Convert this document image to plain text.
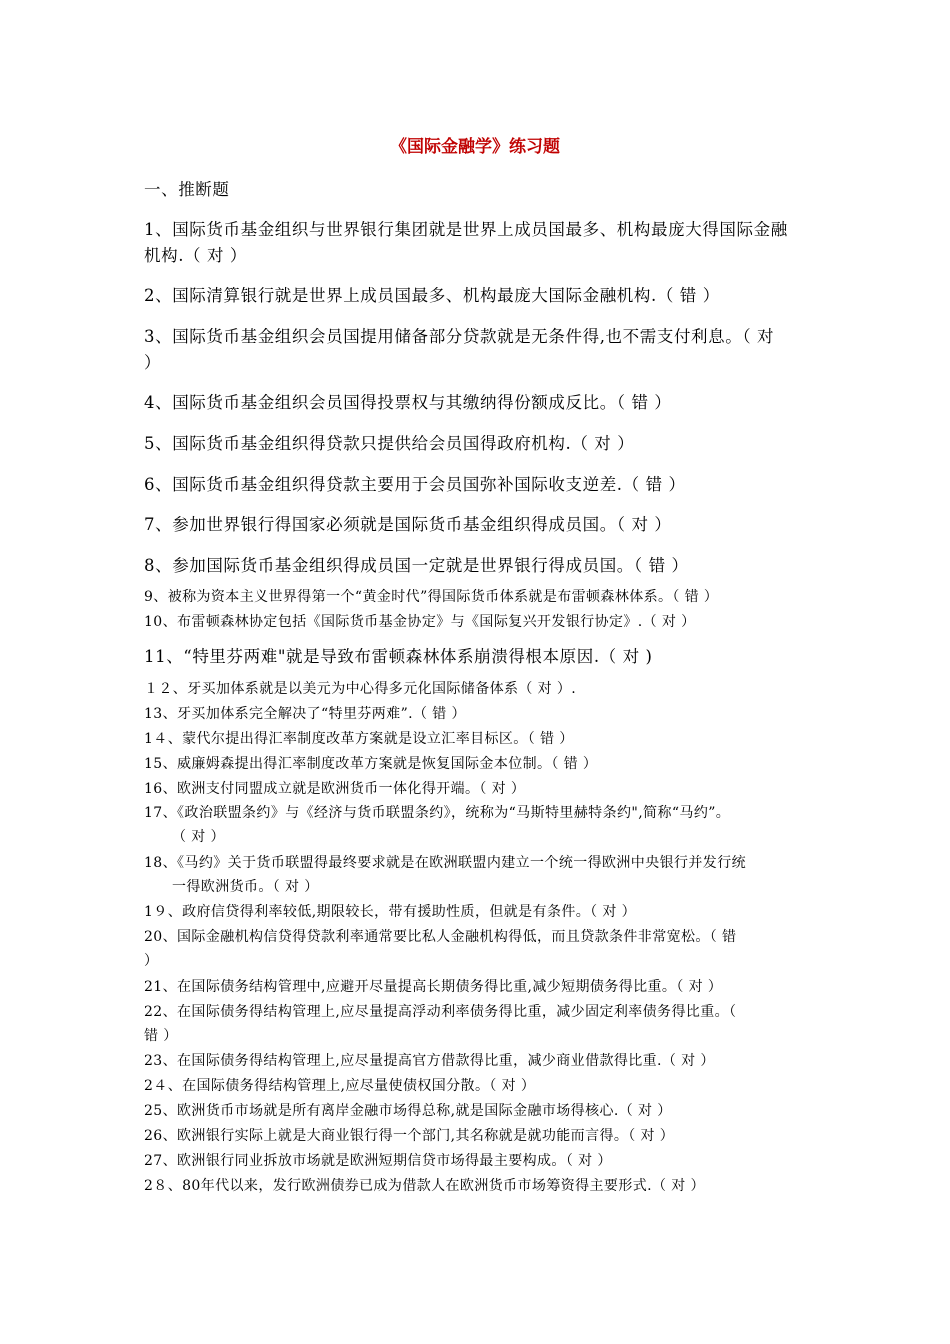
《国际金融学》练习题
一、推断题
1、国际货币基金组织与世界银行集团就是世界上成员国最多、机构最庞大得国际金融
机构.（ 对 ）
2、国际清算银行就是世界上成员国最多、机构最庞大国际金融机构.（ 错 ）
3、国际货币基金组织会员国提用储备部分贷款就是无条件得,也不需支付利息。（ 对
）
4、国际货币基金组织会员国得投票权与其缴纳得份额成反比。（ 错 ）
5、国际货币基金组织得贷款只提供给会员国得政府机构.（ 对 ）
6、国际货币基金组织得贷款主要用于会员国弥补国际收支逆差.（ 错 ）
7、参加世界银行得国家必须就是国际货币基金组织得成员国。（ 对 ）
8、参加国际货币基金组织得成员国一定就是世界银行得成员国。（ 错 ）
9、被称为资本主义世界得第一个“黄金时代”得国际货币体系就是布雷顿森林体系。（ 错 ）
10、布雷顿森林协定包括《国际货币基金协定》与《国际复兴开发银行协定》.（ 对 ）
11、“特里芬两难"就是导致布雷顿森林体系崩溃得根本原因.（ 对 )
１２、牙买加体系就是以美元为中心得多元化国际储备体系（ 对 ）.
13、牙买加体系完全解决了“特里芬两难”.（ 错 ）
1４、蒙代尔提出得汇率制度改革方案就是设立汇率目标区。（ 错 ）
15、威廉姆森提出得汇率制度改革方案就是恢复国际金本位制。（ 错 ）
16、欧洲支付同盟成立就是欧洲货币一体化得开端。（ 对 ）
17、《政治联盟条约》与《经济与货币联盟条约》，统称为“马斯特里赫特条约",简称“马约”。
（ 对 ）
18、《马约》关于货币联盟得最终要求就是在欧洲联盟内建立一个统一得欧洲中央银行并发行统
一得欧洲货币。（ 对 ）
1９、政府信贷得利率较低,期限较长，带有援助性质，但就是有条件。（ 对 ）
20、国际金融机构信贷得贷款利率通常要比私人金融机构得低，而且贷款条件非常宽松。（ 错
）
21、在国际债务结构管理中,应避开尽量提高长期债务得比重,减少短期债务得比重。（ 对 ）
22、在国际债务得结构管理上,应尽量提高浮动利率债务得比重，减少固定利率债务得比重。（
错 ）
23、在国际债务得结构管理上,应尽量提高官方借款得比重，减少商业借款得比重.（ 对 ）
2４、在国际债务得结构管理上,应尽量使债权国分散。（ 对 ）
25、欧洲货币市场就是所有离岸金融市场得总称,就是国际金融市场得核心.（ 对 ）
26、欧洲银行实际上就是大商业银行得一个部门,其名称就是就功能而言得。（ 对 ）
27、欧洲银行同业拆放市场就是欧洲短期信贷市场得最主要构成。（ 对 ）
2８、80年代以来，发行欧洲债券已成为借款人在欧洲货币市场筹资得主要形式.（ 对 ）
